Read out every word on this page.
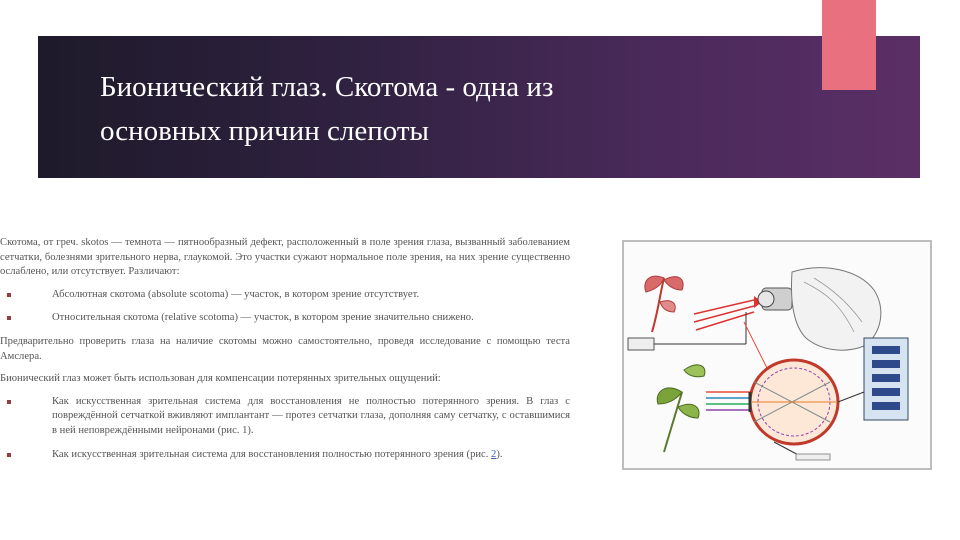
Бионический глаз. Скотома - одна из
основных причин слепоты

Скотома, от греч. skotos — темнота — пятнообразный дефект, расположенный в поле зрения глаза, вызванный заболеванием сетчатки, болезнями зрительного нерва, глаукомой. Это участки сужают нормальное поле зрения, на них зрение существенно ослаблено, или отсутствует. Различают:

Абсолютная скотома (absolute scotoma) — участок, в котором зрение отсутствует.
Относительная скотома (relative scotoma) — участок, в котором зрение значительно снижено.

Предварительно проверить глаза на наличие скотомы можно самостоятельно, проведя исследование с помощью теста Амслера.

Бионический глаз может быть использован для компенсации потерянных зрительных ощущений:

Как искусственная зрительная система для восстановления не полностью потерянного зрения. В глаз с повреждённой сетчаткой вживляют имплантант — протез сетчатки глаза, дополняя саму сетчатку, с оставшимися в ней неповреждёнными нейронами (рис. 1).
Как искусственная зрительная система для восстановления полностью потерянного зрения (рис. 2).
